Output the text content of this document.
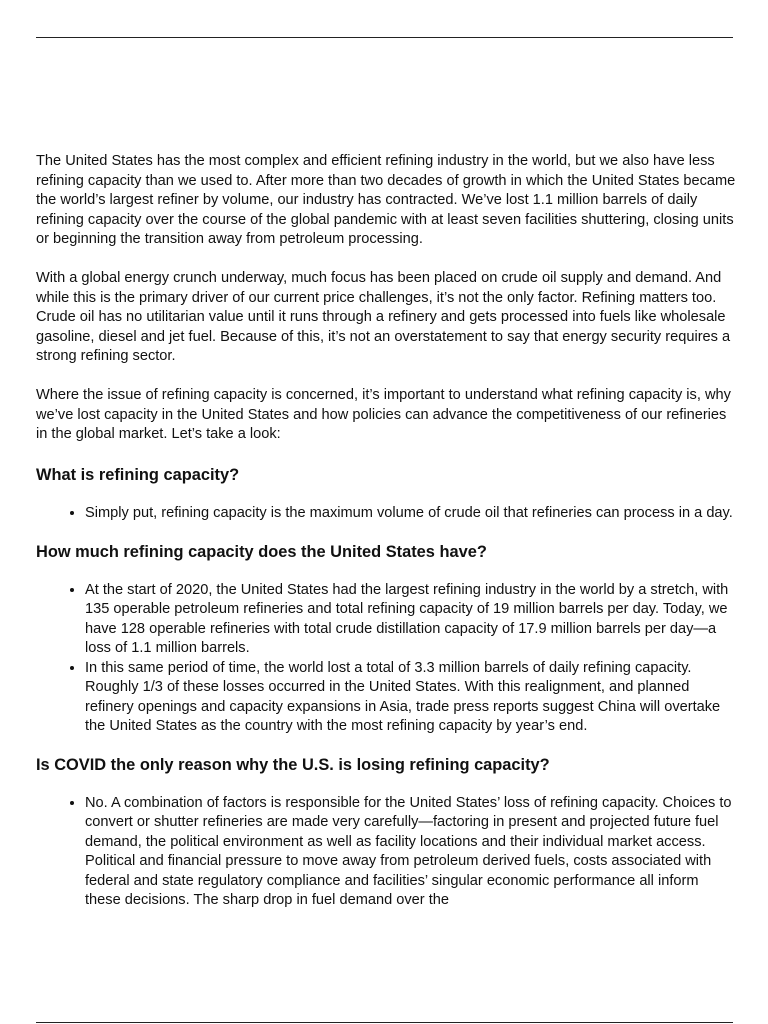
The United States has the most complex and efficient refining industry in the world, but we also have less refining capacity than we used to. After more than two decades of growth in which the United States became the world’s largest refiner by volume, our industry has contracted. We’ve lost 1.1 million barrels of daily refining capacity over the course of the global pandemic with at least seven facilities shuttering, closing units or beginning the transition away from petroleum processing.

With a global energy crunch underway, much focus has been placed on crude oil supply and demand. And while this is the primary driver of our current price challenges, it’s not the only factor. Refining matters too. Crude oil has no utilitarian value until it runs through a refinery and gets processed into fuels like wholesale gasoline, diesel and jet fuel. Because of this, it’s not an overstatement to say that energy security requires a strong refining sector.

Where the issue of refining capacity is concerned, it’s important to understand what refining capacity is, why we’ve lost capacity in the United States and how policies can advance the competitiveness of our refineries in the global market. Let’s take a look:

What is refining capacity?
• Simply put, refining capacity is the maximum volume of crude oil that refineries can process in a day.
How much refining capacity does the United States have?
• At the start of 2020, the United States had the largest refining industry in the world by a stretch, with 135 operable petroleum refineries and total refining capacity of 19 million barrels per day. Today, we have 128 operable refineries with total crude distillation capacity of 17.9 million barrels per day—a loss of 1.1 million barrels.
• In this same period of time, the world lost a total of 3.3 million barrels of daily refining capacity. Roughly 1/3 of these losses occurred in the United States. With this realignment, and planned refinery openings and capacity expansions in Asia, trade press reports suggest China will overtake the United States as the country with the most refining capacity by year’s end.
Is COVID the only reason why the U.S. is losing refining capacity?
• No. A combination of factors is responsible for the United States’ loss of refining capacity. Choices to convert or shutter refineries are made very carefully—factoring in present and projected future fuel demand, the political environment as well as facility locations and their individual market access. Political and financial pressure to move away from petroleum derived fuels, costs associated with federal and state regulatory compliance and facilities’ singular economic performance all inform these decisions. The sharp drop in fuel demand over the
